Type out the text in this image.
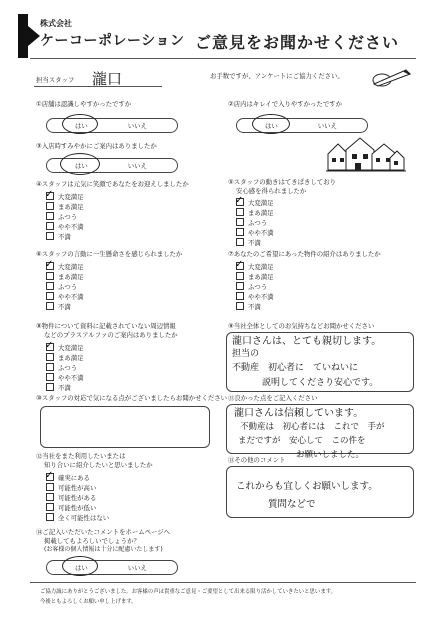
株式会社
ケーコーポレーション ご意見をお聞かせください
担当スタッフ 瀧口	お手数ですが、アンケートにご協力ください。
①店舗は認識しやすかったですか
はい	いいえ
②店内はキレイで入りやすかったですか
はい	いいえ
③入店時すみやかにご案内はありましたか
はい	いいえ
④スタッフは元気に笑顔であなたをお迎えしましたか
大変満足
まあ満足
ふつう
やや不満
不満
✓
⑤スタッフの動きはてきぱきしており
安心感を得られましたか
大変満足
まあ満足
ふつう
やや不満
不満
✓
⑥スタッフの言動に一生懸命さを感じられましたか
大変満足
まあ満足
ふつう
やや不満
不満
✓
⑦あなたのご希望にあった物件の紹介はありましたか
大変満足
まあ満足
ふつう
やや不満
不満
✓
⑧物件について資料に記載されていない周辺情報
などのプラスアルファのご案内はありましたか
大変満足
まあ満足
ふつう
やや不満
不満
✓
⑨当社全体としてのお気持ちなどお聞かせください
瀧口さんは、とても親切します。
担当の
不動産　初心者に　ていねいに
説明してくださり安心です。
⑩スタッフの対応で気になる点がございましたらお聞かせください ⑪良かった点をご記入ください
瀧口さんは信頼しています。
不動産は　初心者には　これで　手が
まだですが　安心して　この件を
お願いしました。
⑫当社をまた利用したいまたは
知り合いに紹介したいと思いましたか
確実にある
可能性が高い
可能性がある
可能性が低い
全く可能性はない
✓
⑬その他のコメント
これからも宜しくお願いします。
質問などで
⑭ご記入いただいたコメントをホームページへ
掲載してもよろしいでしょうか？
(お客様の個人情報は十分に配慮いたします)
はい	いいえ
ご協力誠にありがとうございました。お客様の声は貴重なご意見・ご要望として出来る限り活かしていきたいと思います。
今後ともよろしくお願い申し上げます。
